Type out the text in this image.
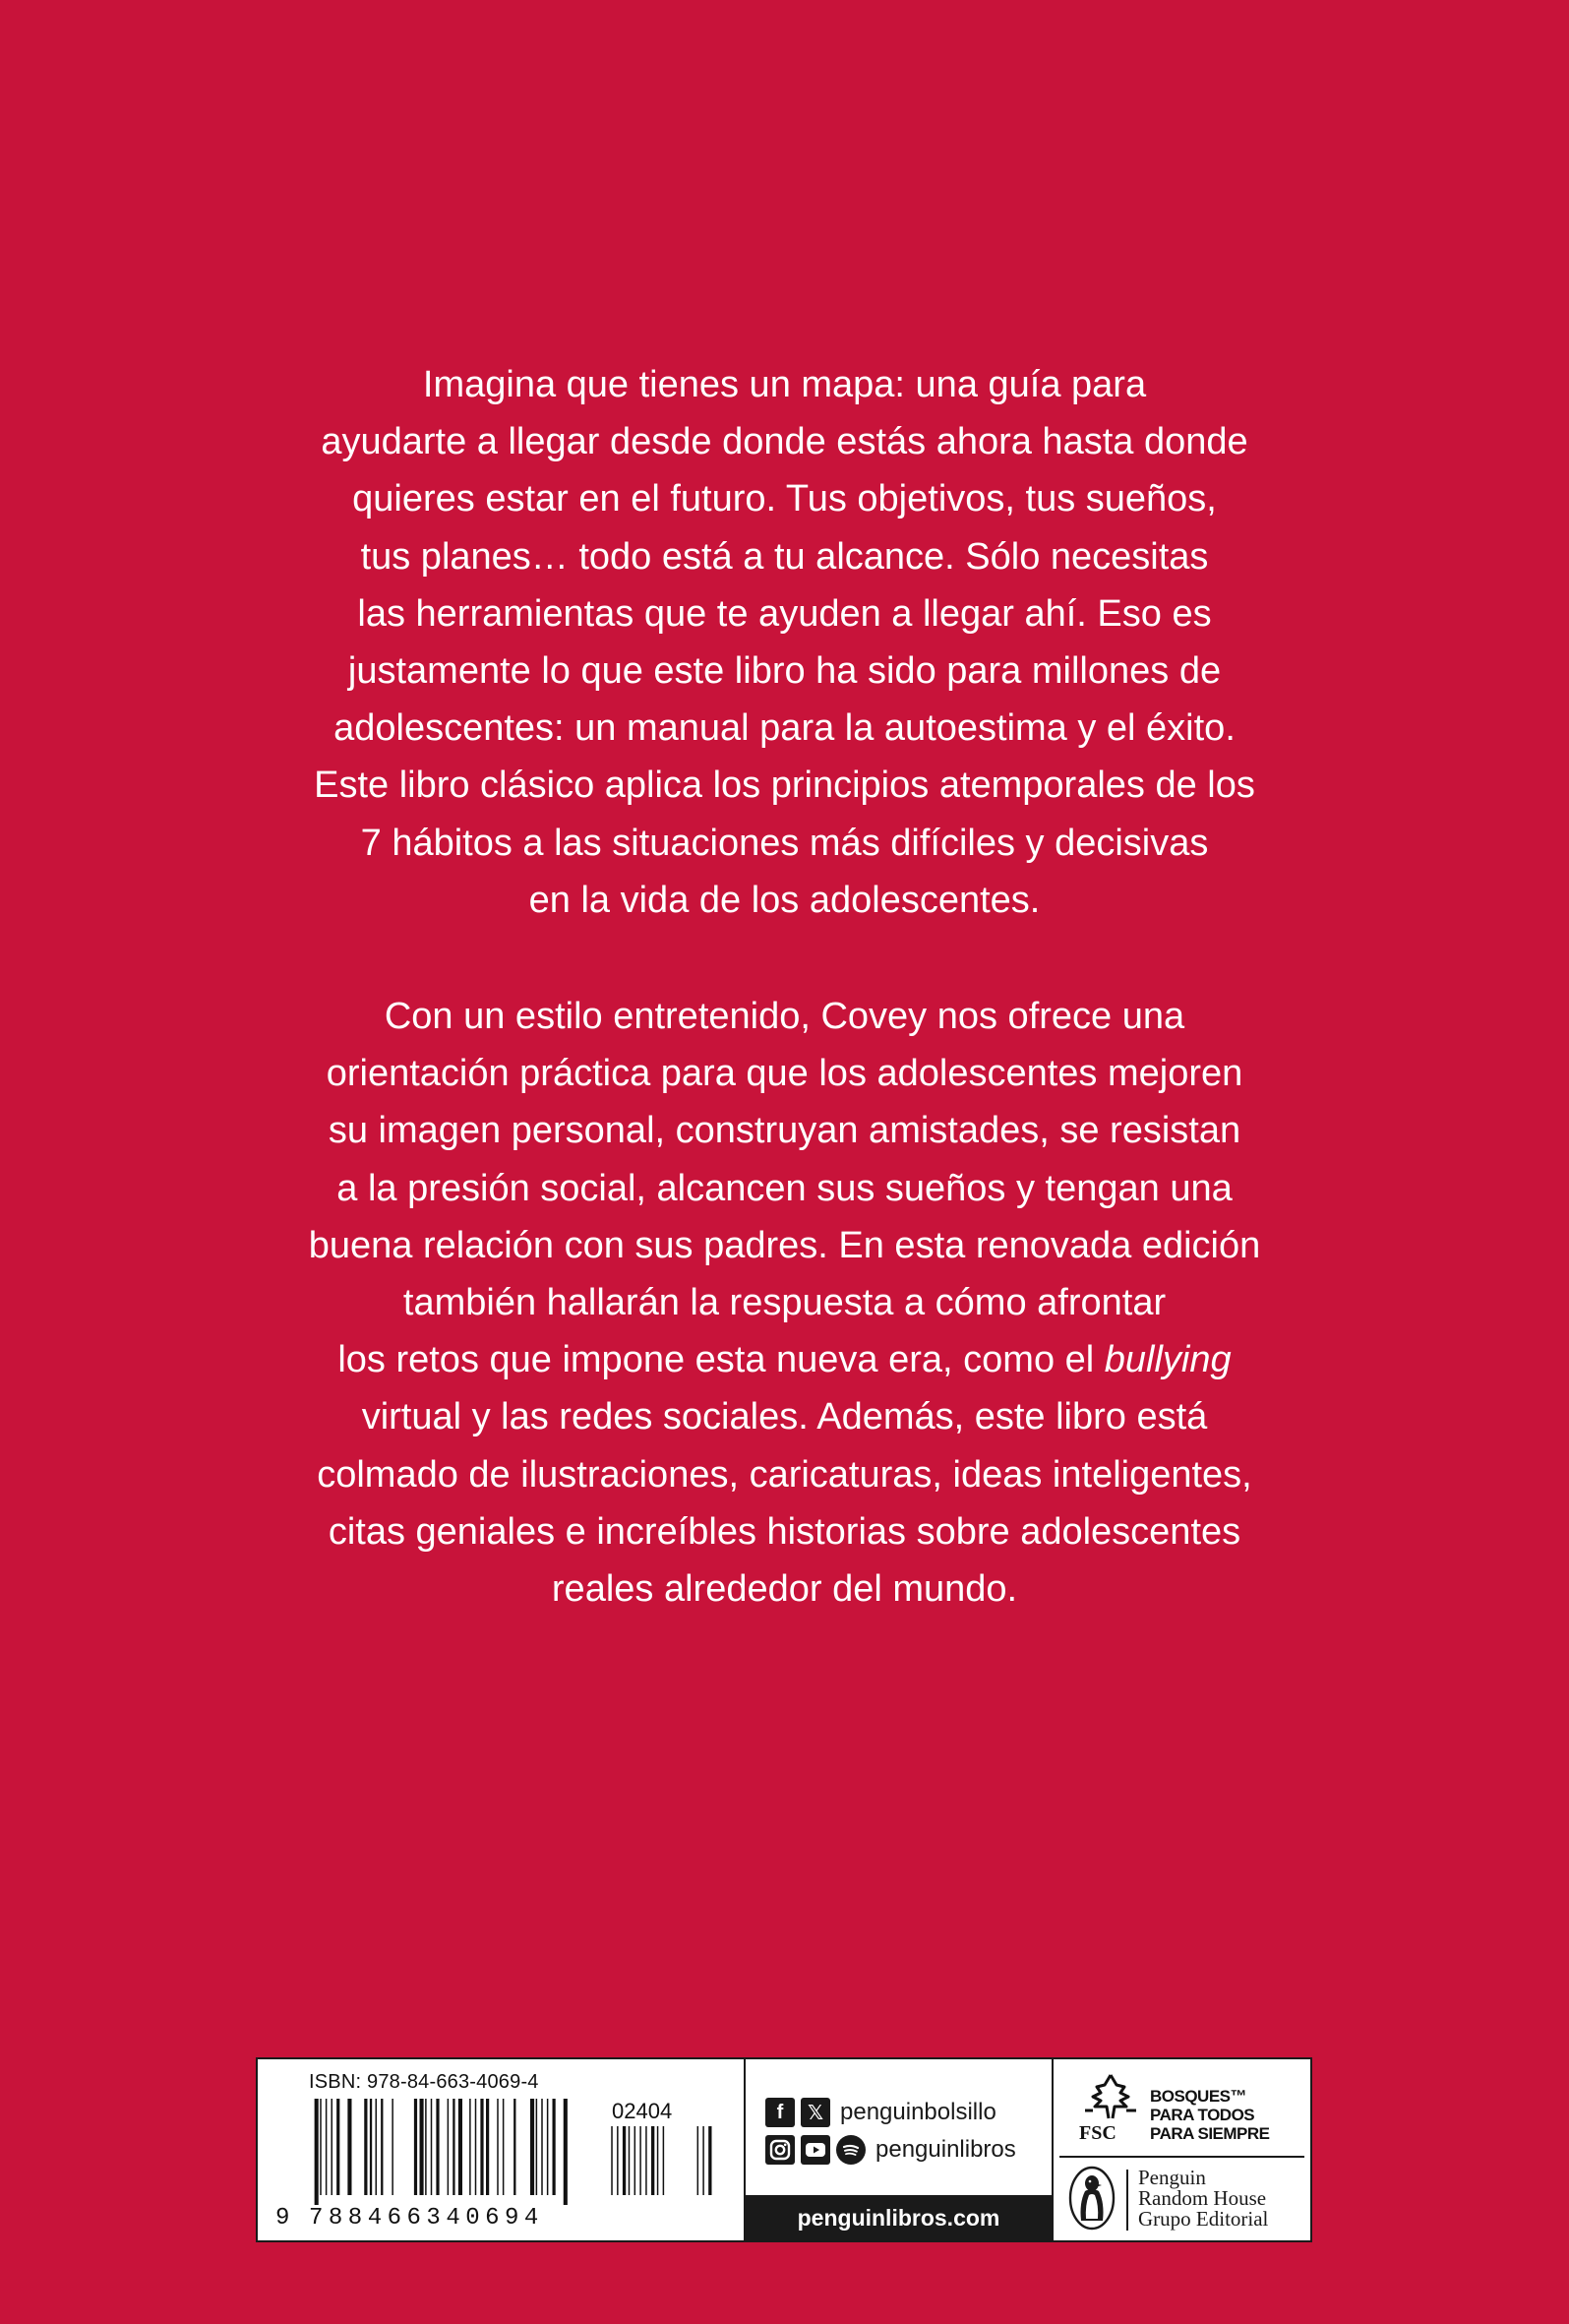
Imagina que tienes un mapa: una guía para
ayudarte a llegar desde donde estás ahora hasta donde
quieres estar en el futuro. Tus objetivos, tus sueños,
tus planes… todo está a tu alcance. Sólo necesitas
las herramientas que te ayuden a llegar ahí. Eso es
justamente lo que este libro ha sido para millones de
adolescentes: un manual para la autoestima y el éxito.
Este libro clásico aplica los principios atemporales de los
7 hábitos a las situaciones más difíciles y decisivas
en la vida de los adolescentes.

Con un estilo entretenido, Covey nos ofrece una
orientación práctica para que los adolescentes mejoren
su imagen personal, construyan amistades, se resistan
a la presión social, alcancen sus sueños y tengan una
buena relación con sus padres. En esta renovada edición
también hallarán la respuesta a cómo afrontar
los retos que impone esta nueva era, como el bullying
virtual y las redes sociales. Además, este libro está
colmado de ilustraciones, caricaturas, ideas inteligentes,
citas geniales e increíbles historias sobre adolescentes
reales alrededor del mundo.

ISBN: 978-84-663-4069-4
02404
9 788466340694
f	𝕏 penguinbolsillo
penguinlibros
penguinlibros.com
FSC
BOSQUES™
PARA TODOS
PARA SIEMPRE
Penguin
Random House
Grupo Editorial
